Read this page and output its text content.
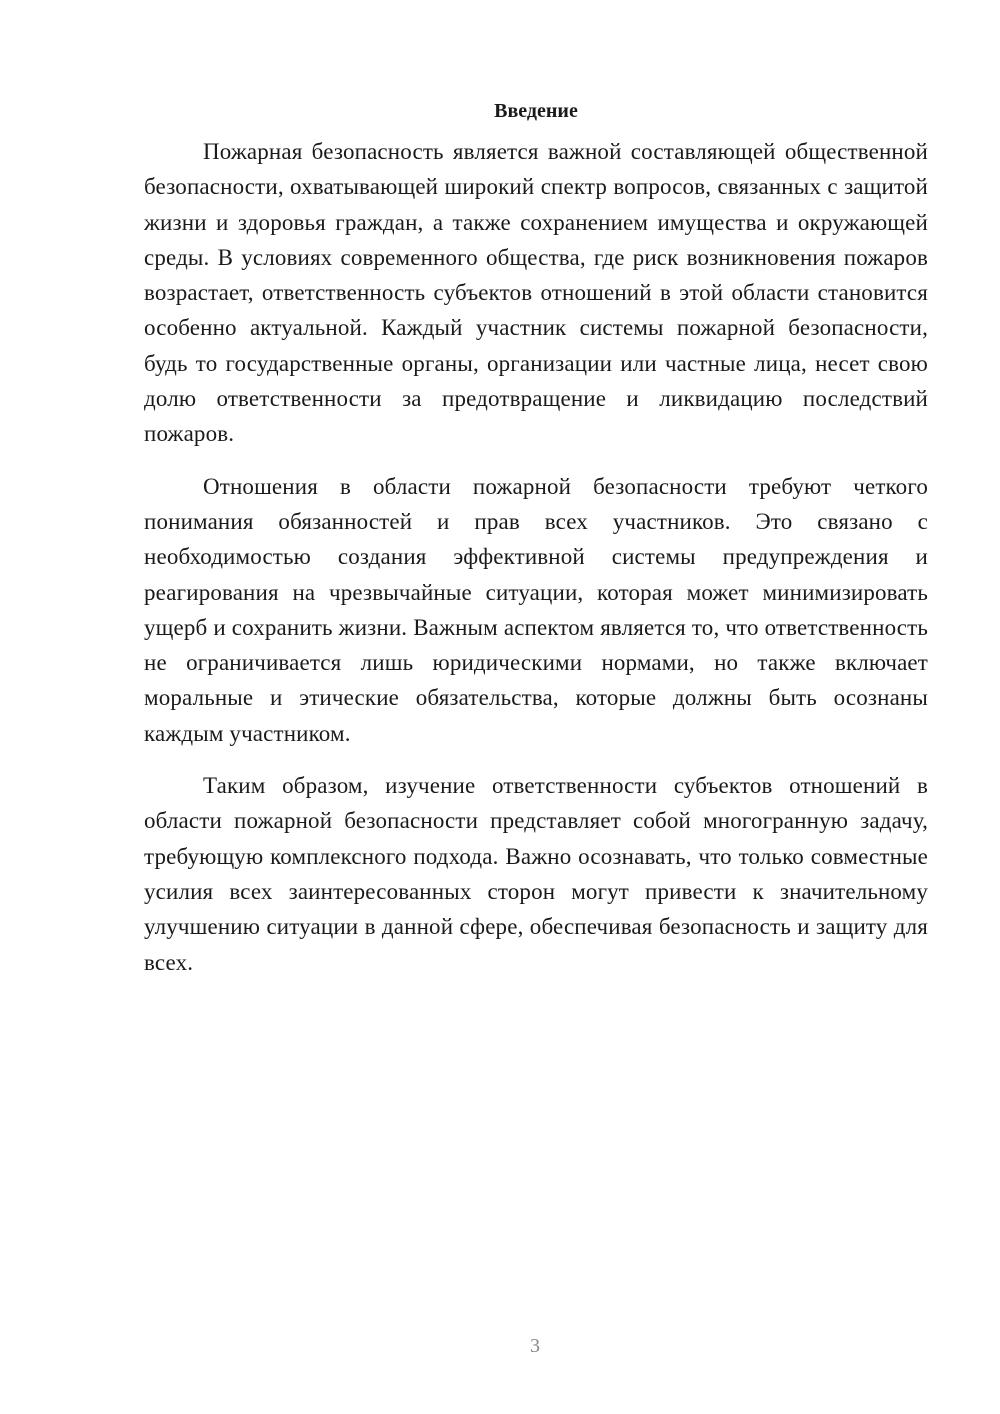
Введение

Пожарная безопасность является важной составляющей общественной безопасности, охватывающей широкий спектр вопросов, связанных с защитой жизни и здоровья граждан, а также сохранением имущества и окружающей среды. В условиях современного общества, где риск возникновения пожаров возрастает, ответственность субъектов отношений в этой области становится особенно актуальной. Каждый участник системы пожарной безопасности, будь то государственные органы, организации или частные лица, несет свою долю ответственности за предотвращение и ликвидацию последствий пожаров.

Отношения в области пожарной безопасности требуют четкого понимания обязанностей и прав всех участников. Это связано с необходимостью создания эффективной системы предупреждения и реагирования на чрезвычайные ситуации, которая может минимизировать ущерб и сохранить жизни. Важным аспектом является то, что ответственность не ограничивается лишь юридическими нормами, но также включает моральные и этические обязательства, которые должны быть осознаны каждым участником.

Таким образом, изучение ответственности субъектов отношений в области пожарной безопасности представляет собой многогранную задачу, требующую комплексного подхода. Важно осознавать, что только совместные усилия всех заинтересованных сторон могут привести к значительному улучшению ситуации в данной сфере, обеспечивая безопасность и защиту для всех.

3
